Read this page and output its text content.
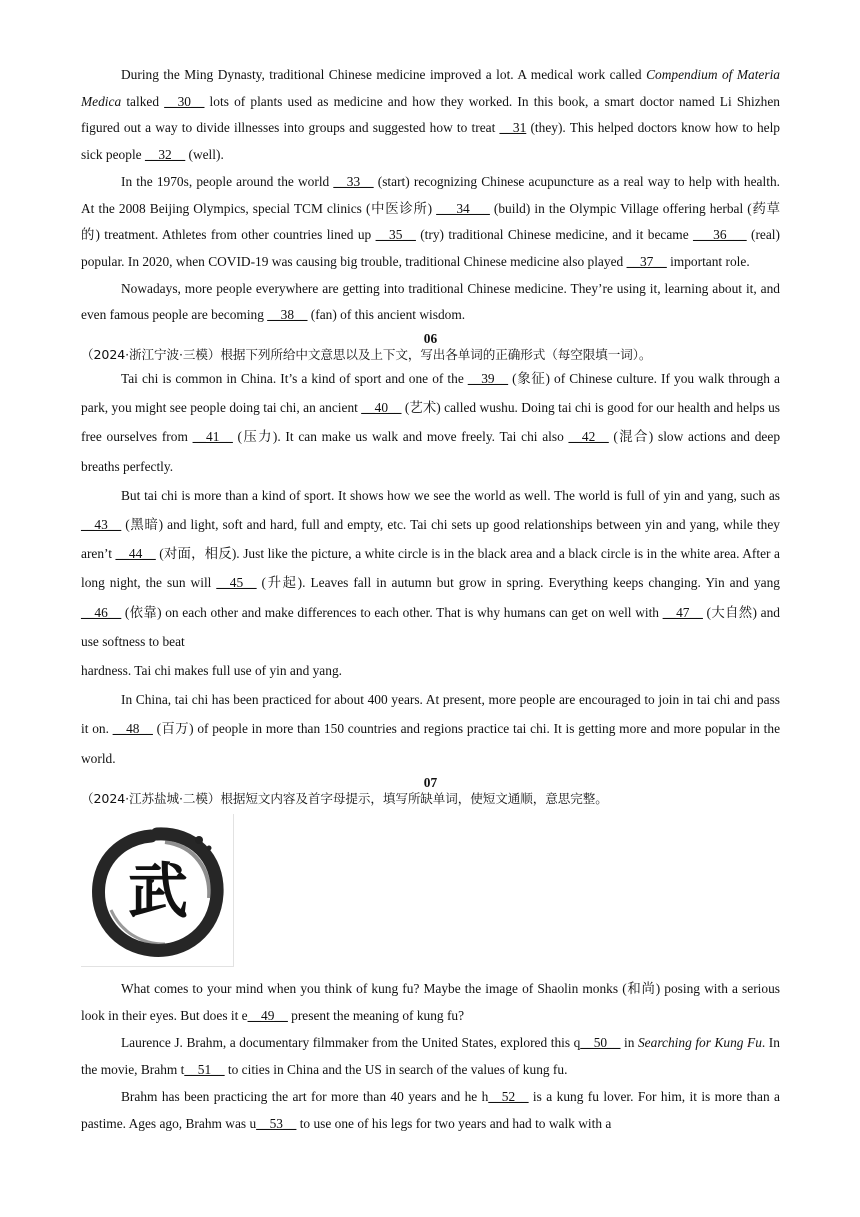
During the Ming Dynasty, traditional Chinese medicine improved a lot. A medical work called Compendium of Materia Medica talked __30__ lots of plants used as medicine and how they worked. In this book, a smart doctor named Li Shizhen figured out a way to divide illnesses into groups and suggested how to treat __31 (they). This helped doctors know how to help sick people __32__ (well).

In the 1970s, people around the world __33__ (start) recognizing Chinese acupuncture as a real way to help with health. At the 2008 Beijing Olympics, special TCM clinics (中医诊所) ___34___ (build) in the Olympic Village offering herbal (药草的) treatment. Athletes from other countries lined up __35__ (try) traditional Chinese medicine, and it became ___36___ (real) popular. In 2020, when COVID-19 was causing big trouble, traditional Chinese medicine also played __37__ important role.

Nowadays, more people everywhere are getting into traditional Chinese medicine. They’re using it, learning about it, and even famous people are becoming __38__ (fan) of this ancient wisdom.

06
（2024·浙江宁波·三模）根据下列所给中文意思以及上下文，写出各单词的正确形式（每空限填一词）。

Tai chi is common in China. It’s a kind of sport and one of the __39__ (象征) of Chinese culture. If you walk through a park, you might see people doing tai chi, an ancient __40__ (艺术) called wushu. Doing tai chi is good for our health and helps us free ourselves from __41__ (压力). It can make us walk and move freely. Tai chi also __42__ (混合) slow actions and deep breaths perfectly.

But tai chi is more than a kind of sport. It shows how we see the world as well. The world is full of yin and yang, such as __43__ (黑暗) and light, soft and hard, full and empty, etc. Tai chi sets up good relationships between yin and yang, while they aren’t __44__ (对面，相反). Just like the picture, a white circle is in the black area and a black circle is in the white area. After a long night, the sun will __45__ (升起). Leaves fall in autumn but grow in spring. Everything keeps changing. Yin and yang __46__ (依靠) on each other and make differences to each other. That is why humans can get on well with __47__ (大自然) and use softness to beat

hardness. Tai chi makes full use of yin and yang.

In China, tai chi has been practiced for about 400 years. At present, more people are encouraged to join in tai chi and pass it on. __48__ (百万) of people in more than 150 countries and regions practice tai chi. It is getting more and more popular in the world.

07
（2024·江苏盐城·二模）根据短文内容及首字母提示，填写所缺单词，使短文通顺，意思完整。
武

What comes to your mind when you think of kung fu? Maybe the image of Shaolin monks (和尚) posing with a serious look in their eyes. But does it e__49__ present the meaning of kung fu?

Laurence J. Brahm, a documentary filmmaker from the United States, explored this q__50__ in Searching for Kung Fu. In the movie, Brahm t__51__ to cities in China and the US in search of the values of kung fu.

Brahm has been practicing the art for more than 40 years and he h__52__ is a kung fu lover. For him, it is more than a pastime. Ages ago, Brahm was u__53__ to use one of his legs for two years and had to walk with a
